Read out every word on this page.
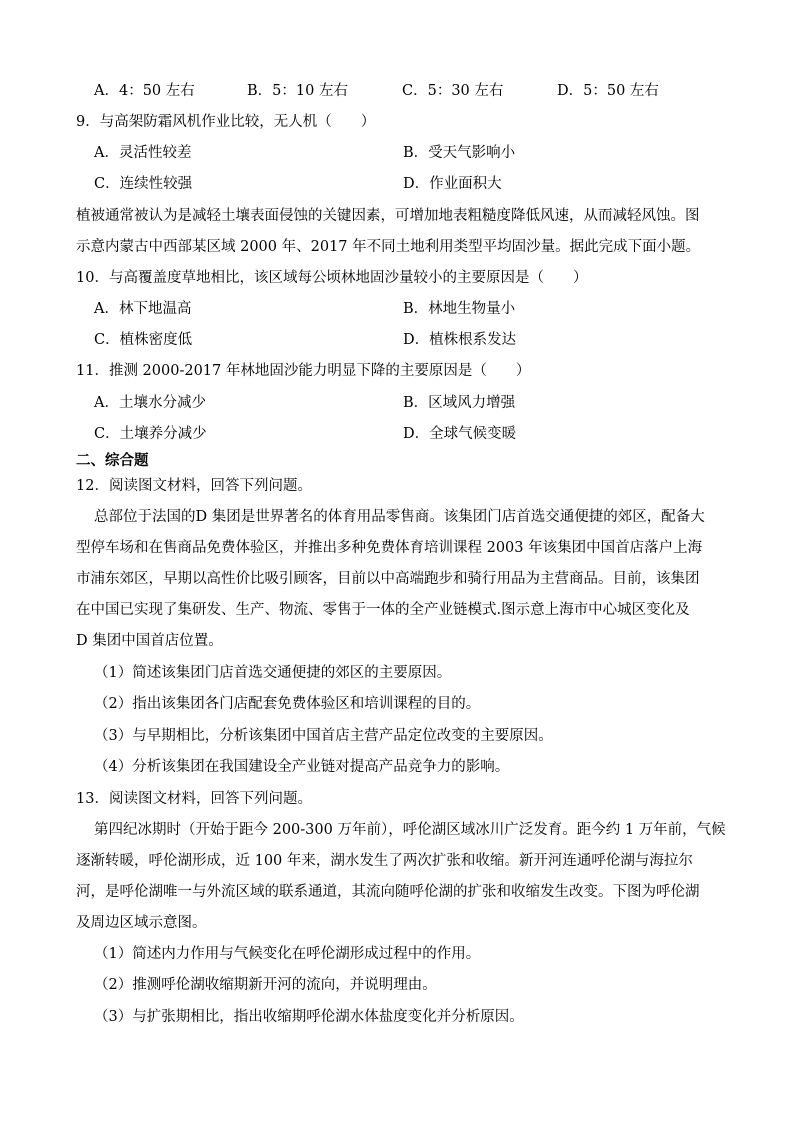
A．4：50 左右	B．5：10 左右	C．5：30 左右	D．5：50 左右
9．与高架防霜风机作业比较，无人机（　　）
A．灵活性较差	B．受天气影响小
C．连续性较强	D．作业面积大
植被通常被认为是减轻土壤表面侵蚀的关键因素，可增加地表粗糙度降低风速，从而减轻风蚀。图
示意内蒙古中西部某区域 2000 年、2017 年不同土地利用类型平均固沙量。据此完成下面小题。
10．与高覆盖度草地相比，该区域每公顷林地固沙量较小的主要原因是（　　）
A．林下地温高	B．林地生物量小
C．植株密度低	D．植株根系发达
11．推测 2000-2017 年林地固沙能力明显下降的主要原因是（　　）
A．土壤水分减少	B．区域风力增强
C．土壤养分减少	D．全球气候变暖
二、综合题
12．阅读图文材料，回答下列问题。
总部位于法国的D 集团是世界著名的体育用品零售商。该集团门店首选交通便捷的郊区，配备大
型停车场和在售商品免费体验区，并推出多种免费体育培训课程 2003 年该集团中国首店落户上海
市浦东郊区，早期以高性价比吸引顾客，目前以中高端跑步和骑行用品为主营商品。目前，该集团
在中国已实现了集研发、生产、物流、零售于一体的全产业链模式.图示意上海市中心城区变化及
D 集团中国首店位置。
（1）简述该集团门店首选交通便捷的郊区的主要原因。
（2）指出该集团各门店配套免费体验区和培训课程的目的。
（3）与早期相比，分析该集团中国首店主营产品定位改变的主要原因。
（4）分析该集团在我国建设全产业链对提高产品竞争力的影响。
13．阅读图文材料，回答下列问题。
第四纪冰期时（开始于距今 200-300 万年前），呼伦湖区域冰川广泛发育。距今约 1 万年前，气候
逐渐转暖，呼伦湖形成，近 100 年来，湖水发生了两次扩张和收缩。新开河连通呼伦湖与海拉尔
河，是呼伦湖唯一与外流区域的联系通道，其流向随呼伦湖的扩张和收缩发生改变。下图为呼伦湖
及周边区域示意图。
（1）简述内力作用与气候变化在呼伦湖形成过程中的作用。
（2）推测呼伦湖收缩期新开河的流向，并说明理由。
（3）与扩张期相比，指出收缩期呼伦湖水体盐度变化并分析原因。
